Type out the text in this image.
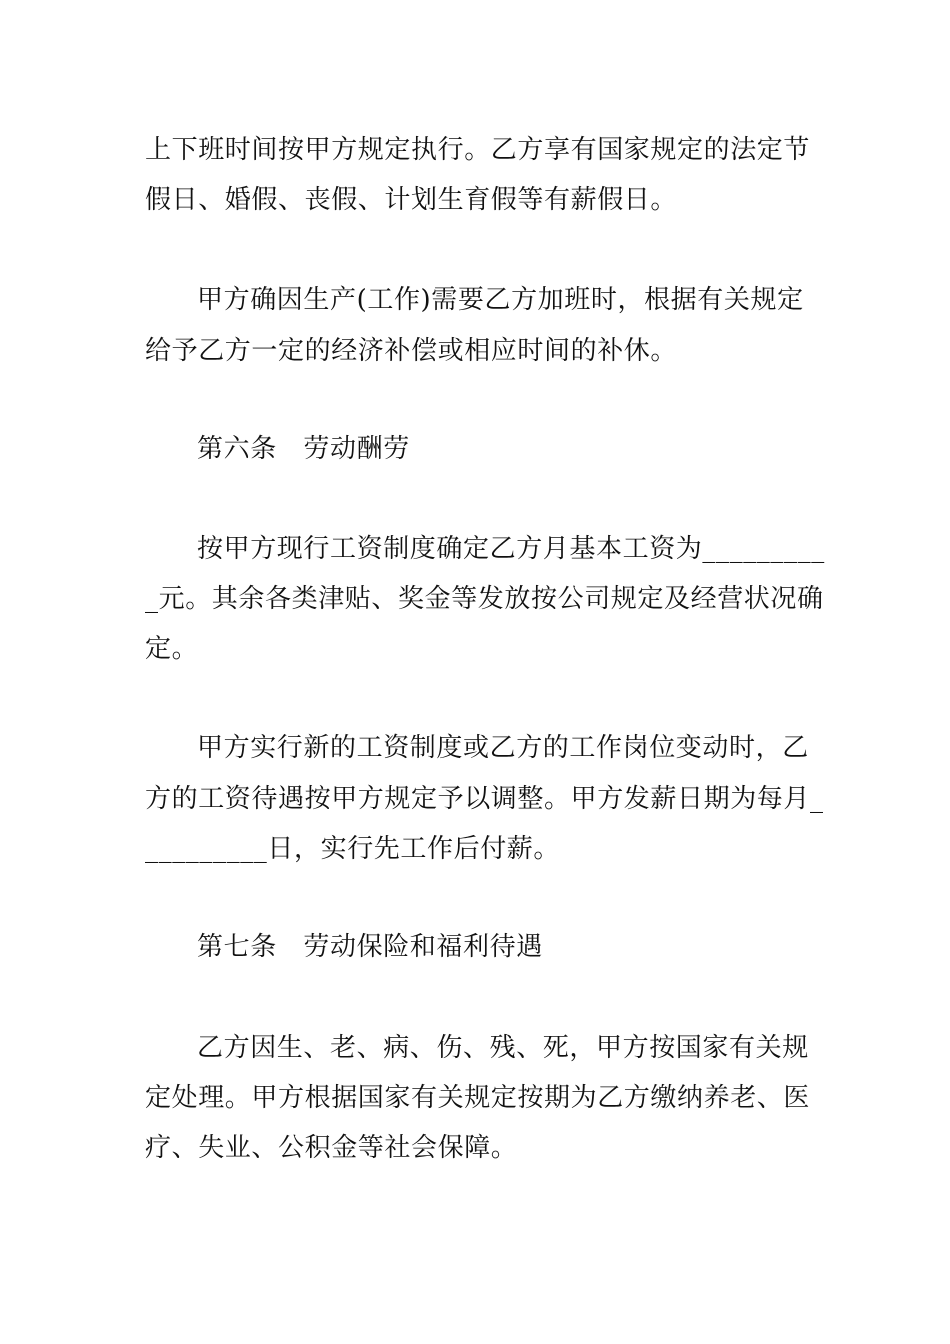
上下班时间按甲方规定执行。乙方享有国家规定的法定节
假日、婚假、丧假、计划生育假等有薪假日。
甲方确因生产(工作)需要乙方加班时，根据有关规定
给予乙方一定的经济补偿或相应时间的补休。
第六条　劳动酬劳
按甲方现行工资制度确定乙方月基本工资为_________
_元。其余各类津贴、奖金等发放按公司规定及经营状况确
定。
甲方实行新的工资制度或乙方的工作岗位变动时，乙
方的工资待遇按甲方规定予以调整。甲方发薪日期为每月_
_________日，实行先工作后付薪。
第七条　劳动保险和福利待遇
乙方因生、老、病、伤、残、死，甲方按国家有关规
定处理。甲方根据国家有关规定按期为乙方缴纳养老、医
疗、失业、公积金等社会保障。
